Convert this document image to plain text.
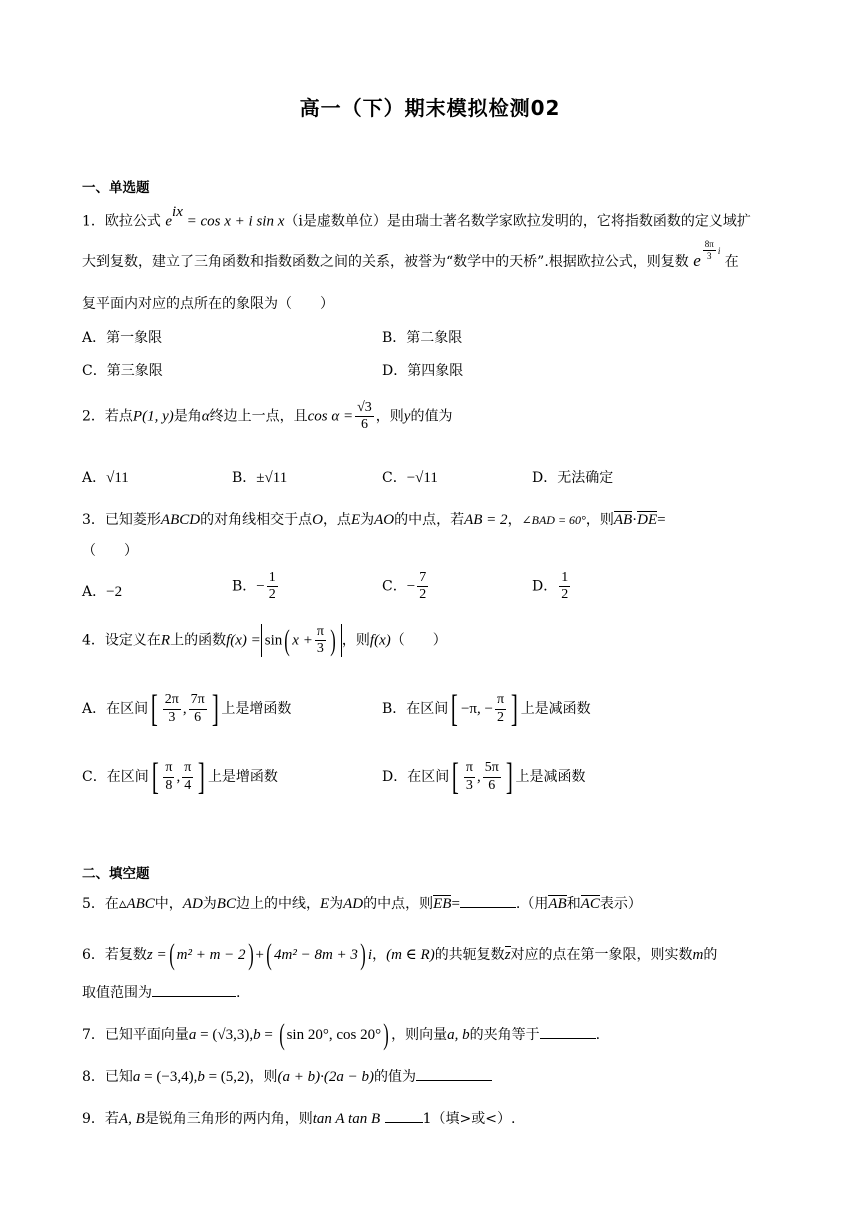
高一（下）期末模拟检测02
一、单选题
1．欧拉公式 $e^{ix} = \cos x + i$ sin x（i是虚数单位）是由瑞士著名数学家欧拉发明的，它将指数函数的定义域扩
大到复数，建立了三角函数和指数函数之间的关系，被誉为“数学中的天桥”.根据欧拉公式，则复数 e $\frac{8\pi}{3} ^i$ 在
复平面内对应的点所在的象限为（　　）
A．第一象限	B．第二象限
C．第三象限	D．第四象限
2．若点P(1, y)是角α终边上一点，且$\cos \alpha = \frac{√3}{6}$ ，则y的值为
A．√11	B．±√11	C．−√11	D．无法确定
3．已知菱形ABCD的对角线相交于点O，点E为AO的中点，若AB = 2，∠BAD = 60°，则AB·DE=
（　　）
A．−2	B．− $\frac{1}{2}$	C．− $\frac{7}{2}$	D． $\frac{1}{2}$
4．设定义在R上的函数f(x) = sin( $x + \frac{\pi}{3}$ ) ，则f(x)（　　）
A．在区间[ $\frac{2\pi}{3}$ , $\frac{7\pi}{6}$ ] 上是增函数	B．在区间[ −π, − $\frac{\pi}{2}$ ] 上是减函数
C．在区间[ $\frac{\pi}{8}$ , $\frac{\pi}{4}$ ] 上是增函数	D．在区间[ $\frac{\pi}{3}$ , $\frac{5\pi}{6}$ ] 上是减函数
二、填空题
5．在▵ABC中，AD为BC边上的中线，E为AD的中点，则EB=	.（用AB和AC表示）
6．若复数z =( m² + m − 2) +( 4m² − 8m + 3) i，(m ∈ R)的共轭复数z对应的点在第一象限，则实数m的
取值范围为	.
7．已知平面向量a = (√3,3),b = ( sin 20°, cos 20°) ，则向量a, b的夹角等于	.
8．已知a = (−3,4),b = (5,2)，则(a + b)·(2a − b)的值为
9．若A, B是锐角三角形的两内角，则tan A tan B	1（填>或<）.
